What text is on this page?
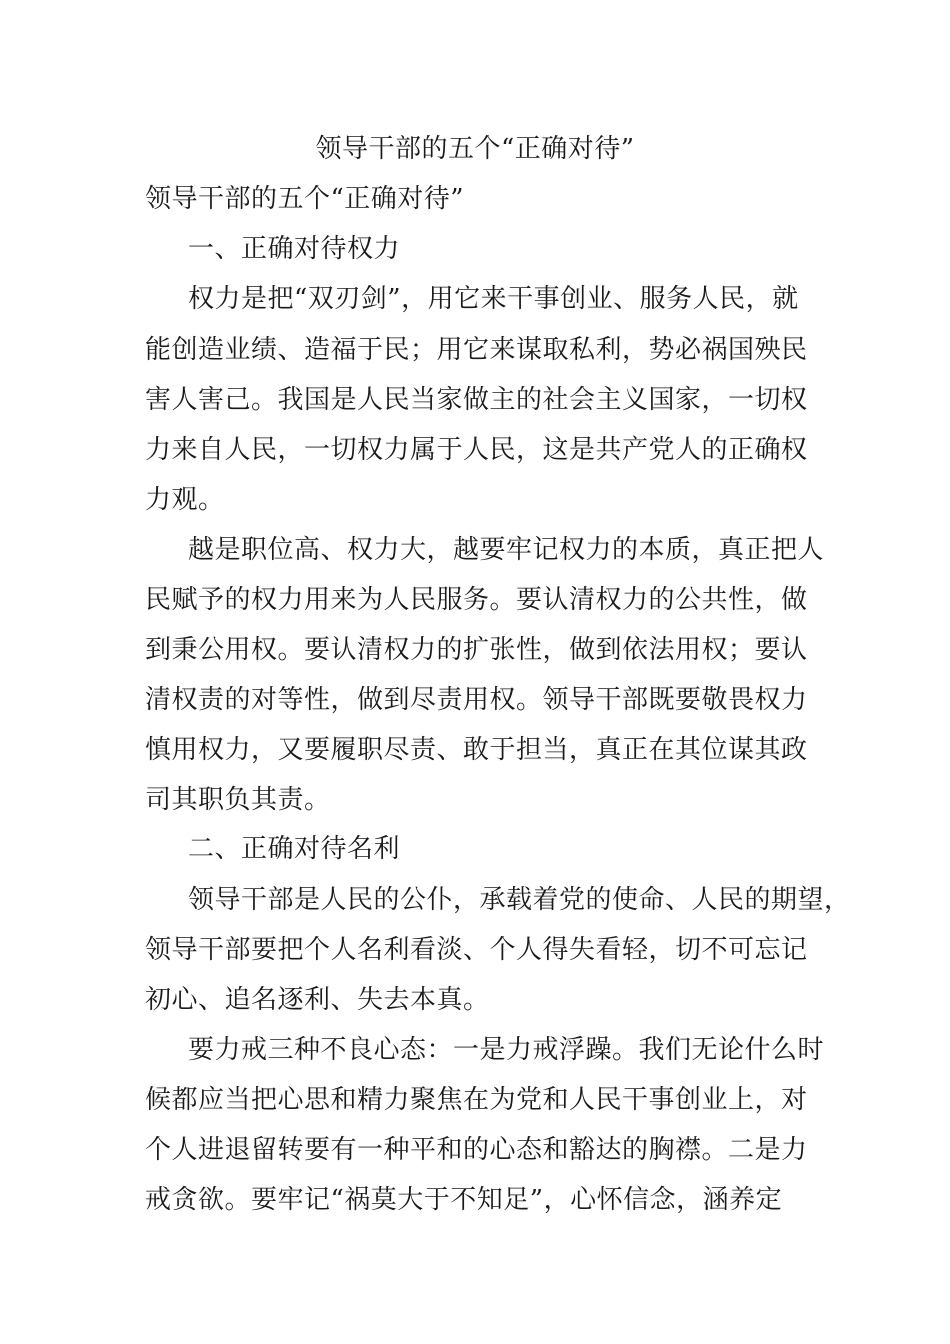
领导干部的五个“正确对待”
领导干部的五个“正确对待”
一、正确对待权力
权力是把“双刃剑”，用它来干事创业、服务人民，就
能创造业绩、造福于民；用它来谋取私利，势必祸国殃民
害人害己。我国是人民当家做主的社会主义国家，一切权
力来自人民，一切权力属于人民，这是共产党人的正确权
力观。
越是职位高、权力大，越要牢记权力的本质，真正把人
民赋予的权力用来为人民服务。要认清权力的公共性，做
到秉公用权。要认清权力的扩张性，做到依法用权；要认
清权责的对等性，做到尽责用权。领导干部既要敬畏权力
慎用权力，又要履职尽责、敢于担当，真正在其位谋其政
司其职负其责。
二、正确对待名利
领导干部是人民的公仆，承载着党的使命、人民的期望，
领导干部要把个人名利看淡、个人得失看轻，切不可忘记
初心、追名逐利、失去本真。
要力戒三种不良心态：一是力戒浮躁。我们无论什么时
候都应当把心思和精力聚焦在为党和人民干事创业上，对
个人进退留转要有一种平和的心态和豁达的胸襟。二是力
戒贪欲。要牢记“祸莫大于不知足”，心怀信念，涵养定
